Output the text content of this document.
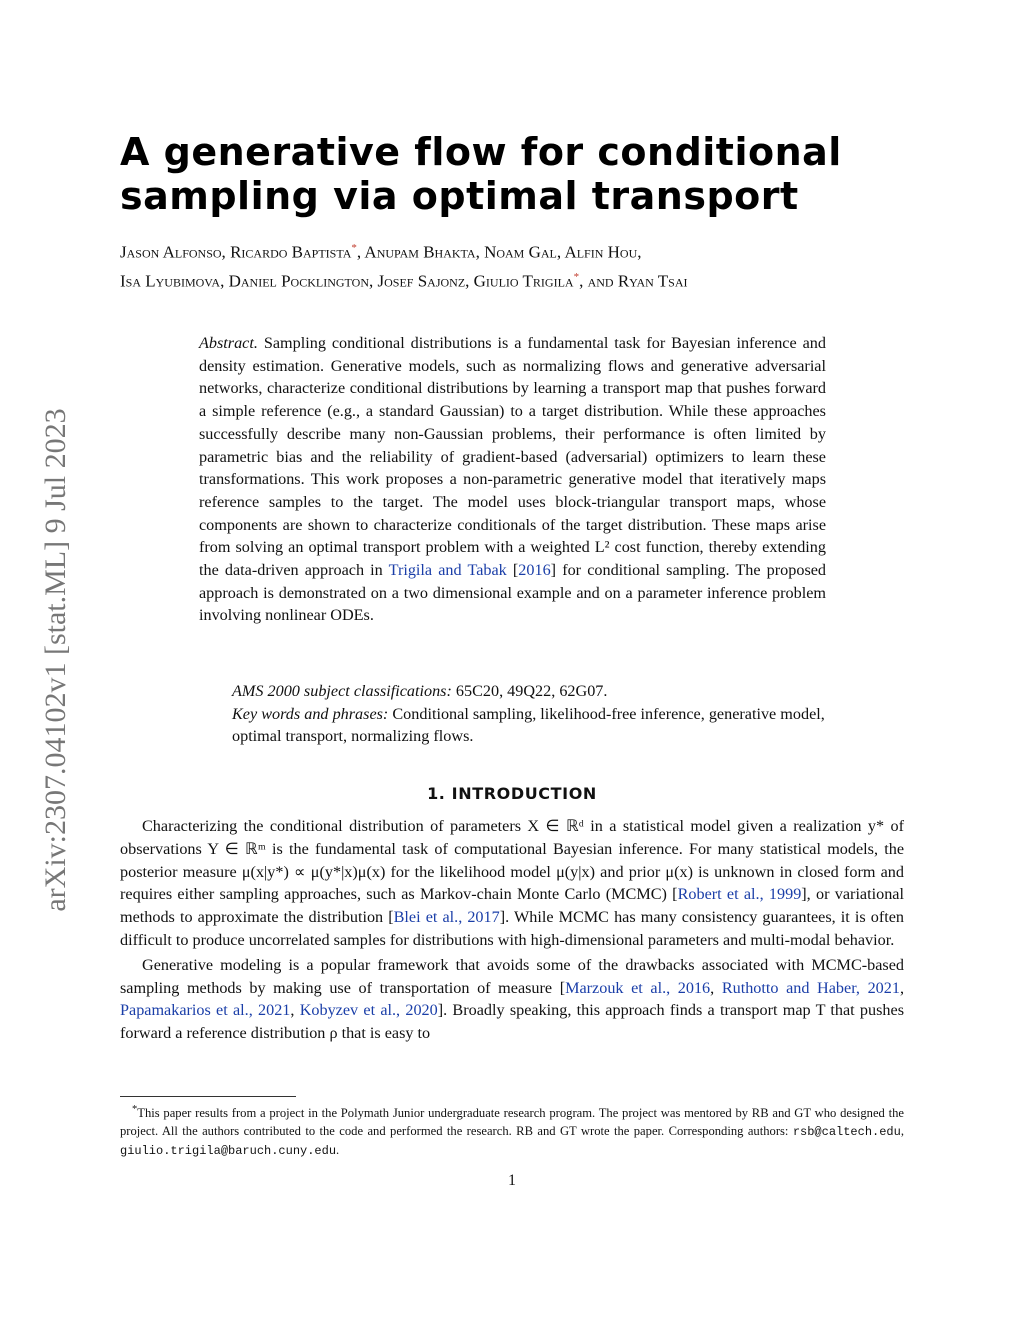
arXiv:2307.04102v1 [stat.ML] 9 Jul 2023
A generative flow for conditional
sampling via optimal transport
Jason Alfonso, Ricardo Baptista*, Anupam Bhakta, Noam Gal, Alfin Hou,
Isa Lyubimova, Daniel Pocklington, Josef Sajonz, Giulio Trigila*, and Ryan Tsai

Abstract. Sampling conditional distributions is a fundamental task for Bayesian inference and density estimation. Generative models, such as normalizing flows and generative adversarial networks, characterize conditional distributions by learning a transport map that pushes forward a simple reference (e.g., a standard Gaussian) to a target distribution. While these approaches successfully describe many non-Gaussian problems, their performance is often limited by parametric bias and the reliability of gradient-based (adversarial) optimizers to learn these transformations. This work proposes a non-parametric generative model that iteratively maps reference samples to the target. The model uses block-triangular transport maps, whose components are shown to characterize conditionals of the target distribution. These maps arise from solving an optimal transport problem with a weighted L² cost function, thereby extending the data-driven approach in Trigila and Tabak [2016] for conditional sampling. The proposed approach is demonstrated on a two dimensional example and on a parameter inference problem involving nonlinear ODEs.

AMS 2000 subject classifications: 65C20, 49Q22, 62G07.

Key words and phrases: Conditional sampling, likelihood-free inference, generative model, optimal transport, normalizing flows.

1. INTRODUCTION

Characterizing the conditional distribution of parameters X ∈ ℝᵈ in a statistical model given a realization y* of observations Y ∈ ℝᵐ is the fundamental task of computational Bayesian inference. For many statistical models, the posterior measure μ(x|y*) ∝ μ(y*|x)μ(x) for the likelihood model μ(y|x) and prior μ(x) is unknown in closed form and requires either sampling approaches, such as Markov-chain Monte Carlo (MCMC) [Robert et al., 1999], or variational methods to approximate the distribution [Blei et al., 2017]. While MCMC has many consistency guarantees, it is often difficult to produce uncorrelated samples for distributions with high-dimensional parameters and multi-modal behavior.

Generative modeling is a popular framework that avoids some of the drawbacks associated with MCMC-based sampling methods by making use of transportation of measure [Marzouk et al., 2016, Ruthotto and Haber, 2021, Papamakarios et al., 2021, Kobyzev et al., 2020]. Broadly speaking, this approach finds a transport map T that pushes forward a reference distribution ρ that is easy to

*This paper results from a project in the Polymath Junior undergraduate research program. The project was mentored by RB and GT who designed the project. All the authors contributed to the code and performed the research. RB and GT wrote the paper. Corresponding authors: rsb@caltech.edu, giulio.trigila@baruch.cuny.edu.

1
